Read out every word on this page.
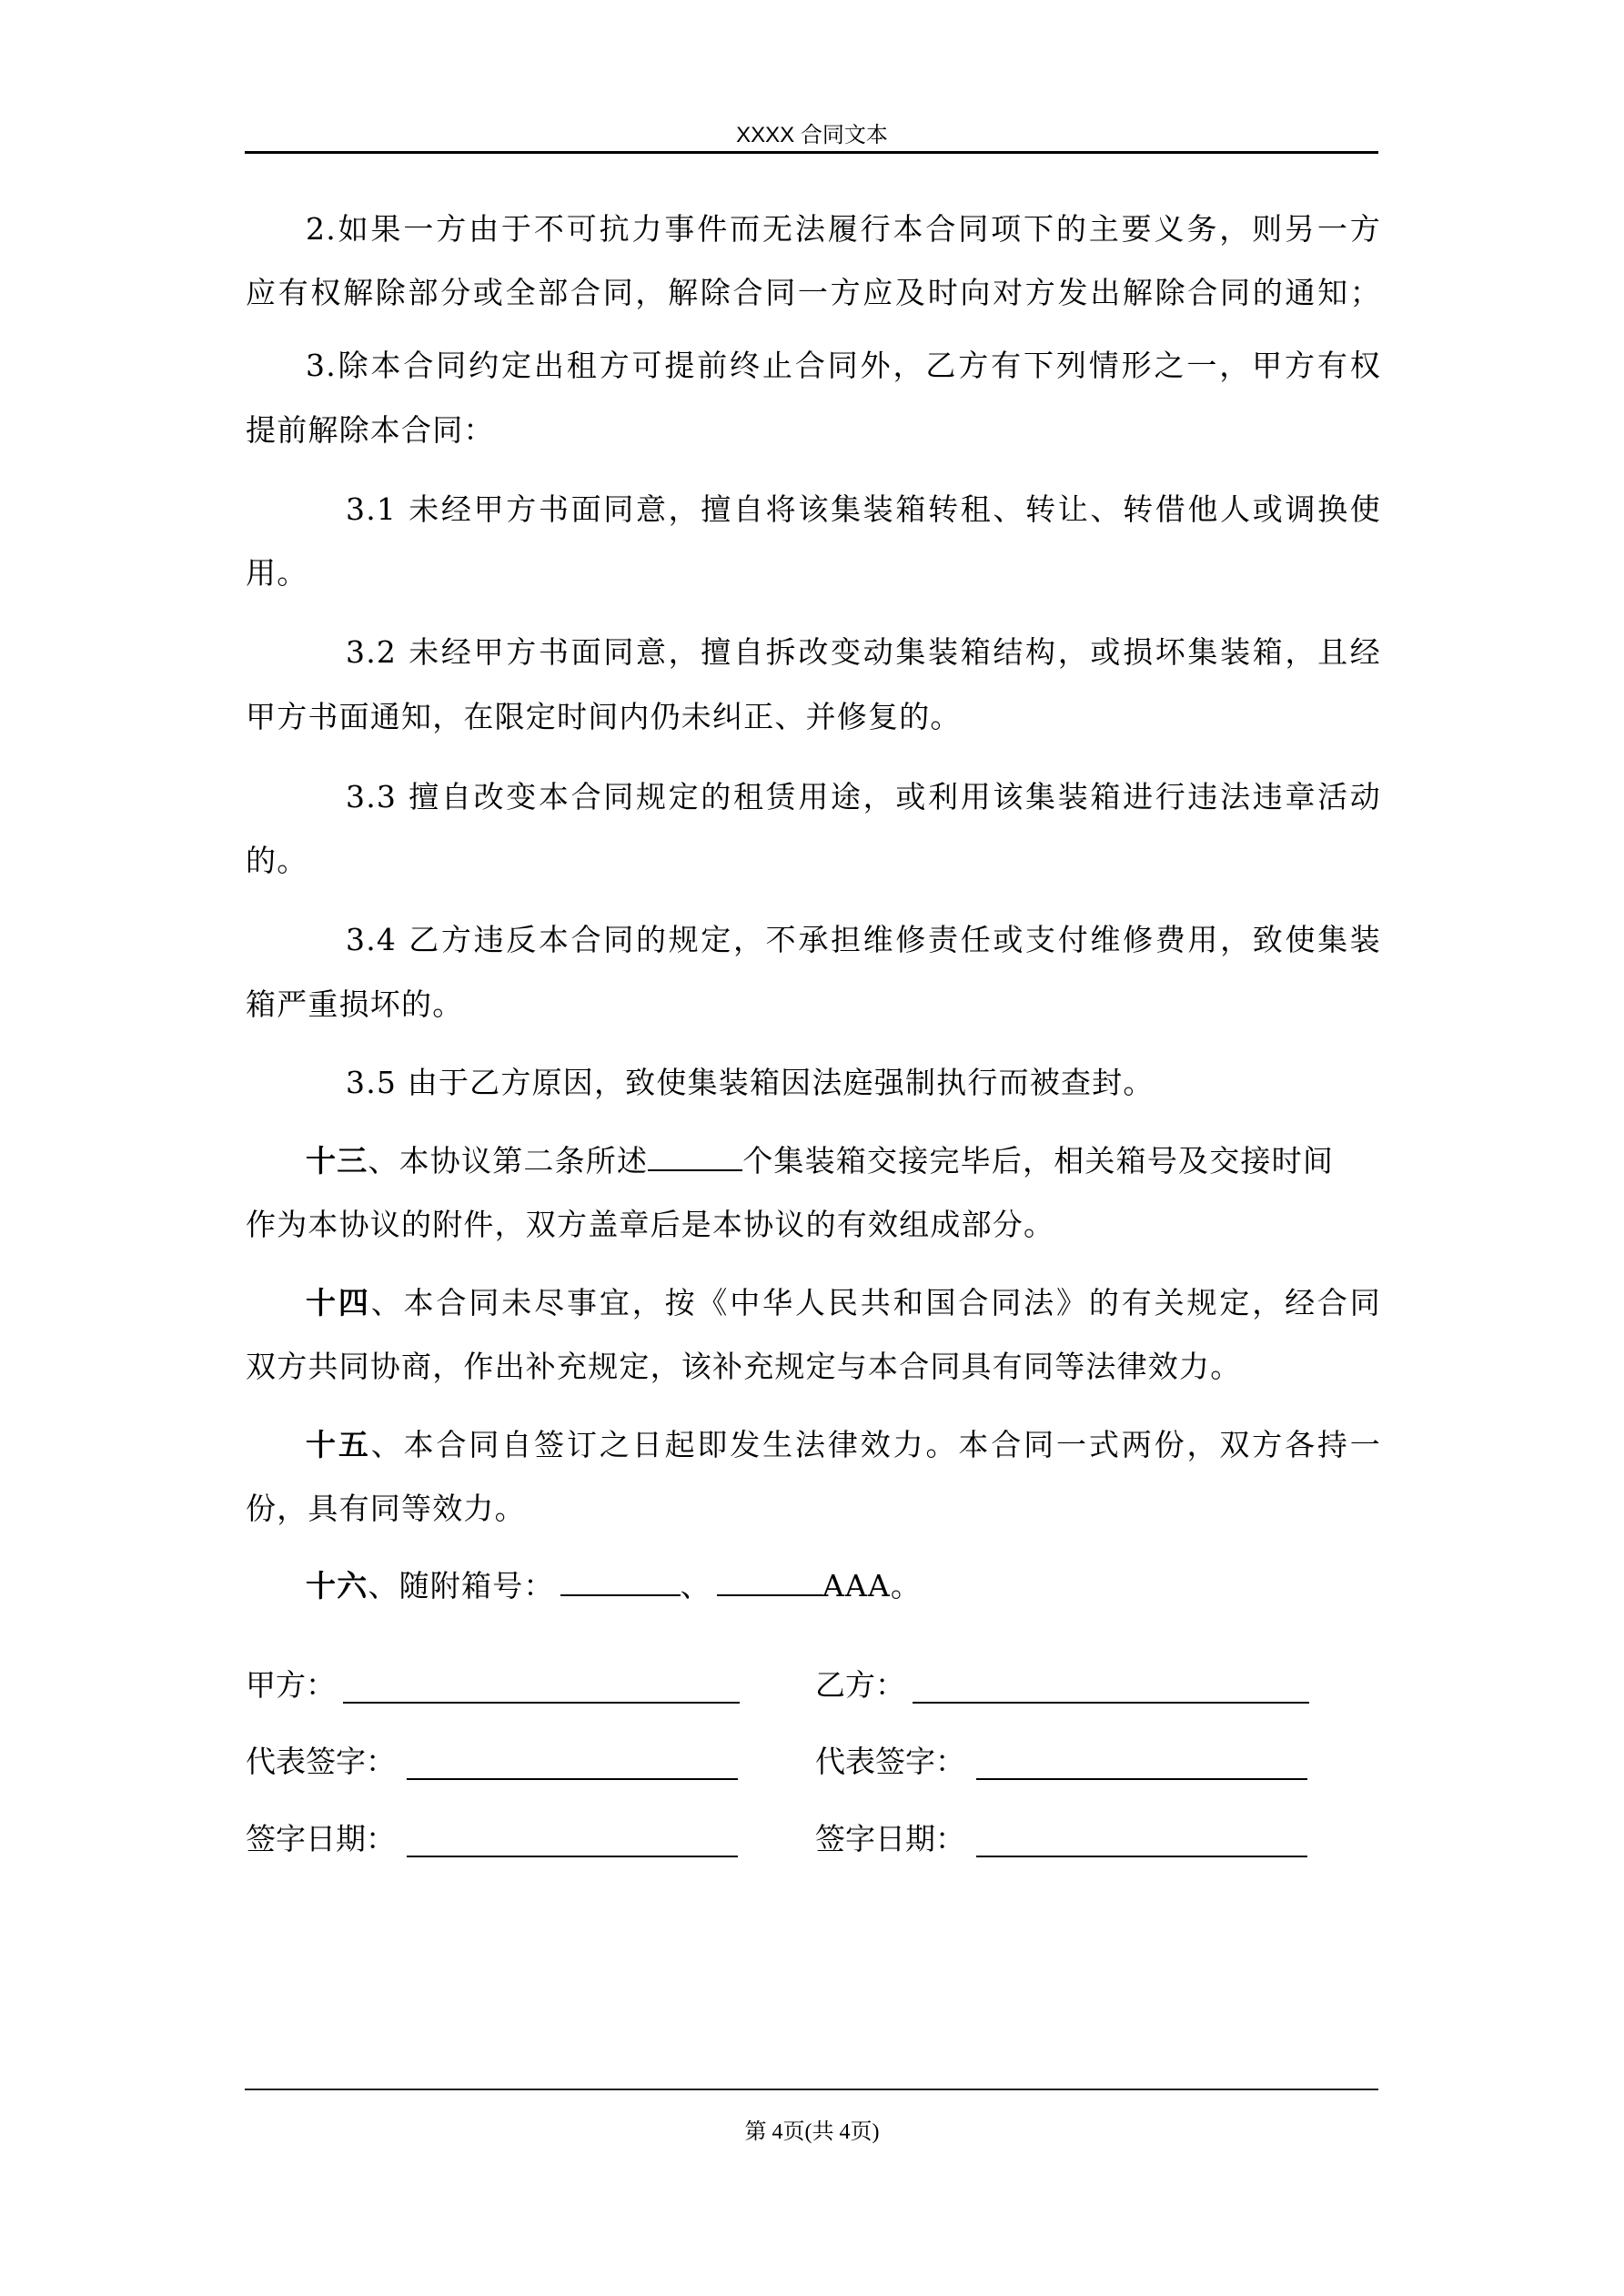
XXXX 合同文本
2.如果一方由于不可抗力事件而无法履行本合同项下的主要义务，则另一方
应有权解除部分或全部合同，解除合同一方应及时向对方发出解除合同的通知；
3.除本合同约定出租方可提前终止合同外，乙方有下列情形之一，甲方有权
提前解除本合同：
3.1 未经甲方书面同意，擅自将该集装箱转租、转让、转借他人或调换使
用。
3.2 未经甲方书面同意，擅自拆改变动集装箱结构，或损坏集装箱，且经
甲方书面通知，在限定时间内仍未纠正、并修复的。
3.3 擅自改变本合同规定的租赁用途，或利用该集装箱进行违法违章活动
的。
3.4 乙方违反本合同的规定，不承担维修责任或支付维修费用，致使集装
箱严重损坏的。
3.5 由于乙方原因，致使集装箱因法庭强制执行而被查封。
十三、本协议第二条所述	个集装箱交接完毕后，相关箱号及交接时间
作为本协议的附件，双方盖章后是本协议的有效组成部分。
十四、本合同未尽事宜，按《中华人民共和国合同法》的有关规定，经合同
双方共同协商，作出补充规定，该补充规定与本合同具有同等法律效力。
十五、本合同自签订之日起即发生法律效力。本合同一式两份，双方各持一
份，具有同等效力。
十六、随附箱号：	、	AAA。
甲方：	乙方：
代表签字：	代表签字：
签字日期：	签字日期：
第 4页(共 4页)
